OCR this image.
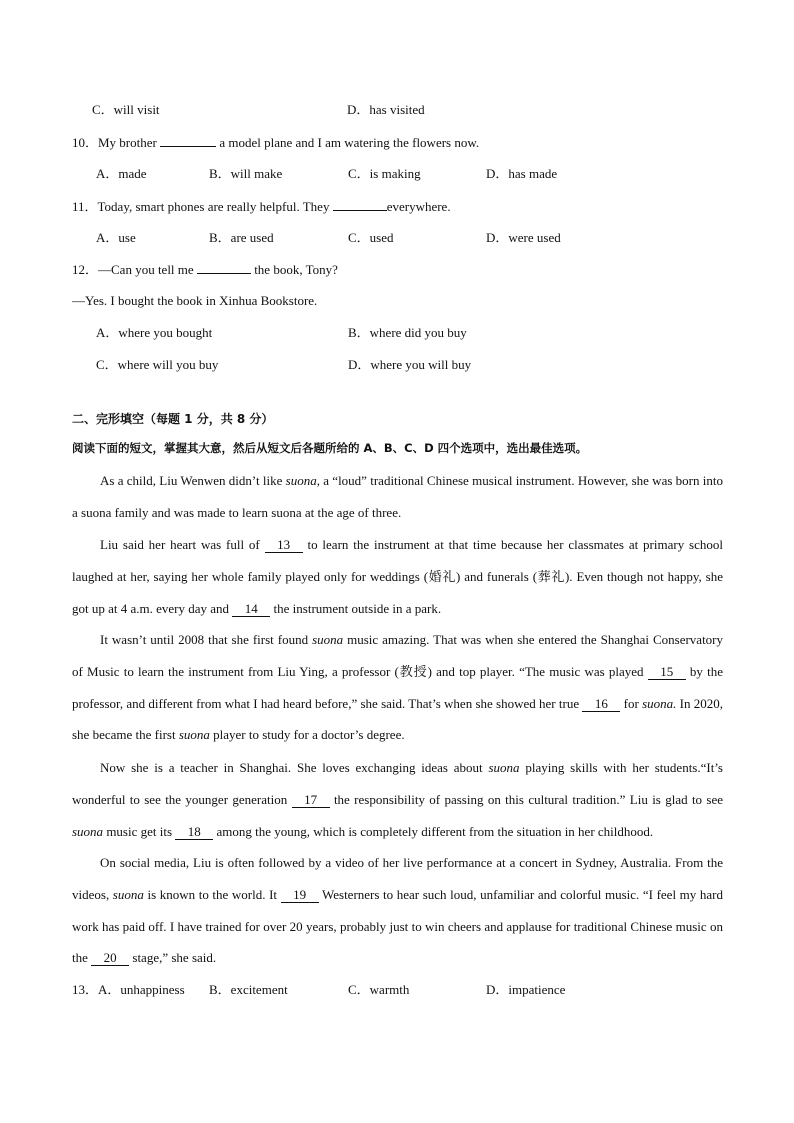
C．will visit	D．has visited
10．My brother	a model plane and I am watering the flowers now.
A．made	B．will make	C．is making	D．has made
11．Today, smart phones are really helpful. They	everywhere.
A．use	B．are used	C．used	D．were used
12．—Can you tell me	the book, Tony?
—Yes. I bought the book in Xinhua Bookstore.
A．where you bought	B．where did you buy
C．where will you buy	D．where you will buy
二、完形填空（每题 1 分，共 8 分）
阅读下面的短文，掌握其大意，然后从短文后各题所给的 A、B、C、D 四个选项中，选出最佳选项。
As a child, Liu Wenwen didn’t like suona, a “loud” traditional Chinese musical instrument. However, she was born into a suona family and was made to learn suona at the age of three.
Liu said her heart was full of 13 to learn the instrument at that time because her classmates at primary school laughed at her, saying her whole family played only for weddings (婚礼) and funerals (葬礼). Even though not happy, she got up at 4 a.m. every day and 14 the instrument outside in a park.
It wasn’t until 2008 that she first found suona music amazing. That was when she entered the Shanghai Conservatory of Music to learn the instrument from Liu Ying, a professor (教授) and top player. “The music was played 15 by the professor, and different from what I had heard before,” she said. That’s when she showed her true 16 for suona. In 2020, she became the first suona player to study for a doctor’s degree.
Now she is a teacher in Shanghai. She loves exchanging ideas about suona playing skills with her students.“It’s wonderful to see the younger generation 17 the responsibility of passing on this cultural tradition.” Liu is glad to see suona music get its 18 among the young, which is completely different from the situation in her childhood.
On social media, Liu is often followed by a video of her live performance at a concert in Sydney, Australia. From the videos, suona is known to the world. It 19 Westerners to hear such loud, unfamiliar and colorful music. “I feel my hard work has paid off. I have trained for over 20 years, probably just to win cheers and applause for traditional Chinese music on the 20 stage,” she said.
13．A．unhappiness B．excitement	C．warmth	D．impatience
